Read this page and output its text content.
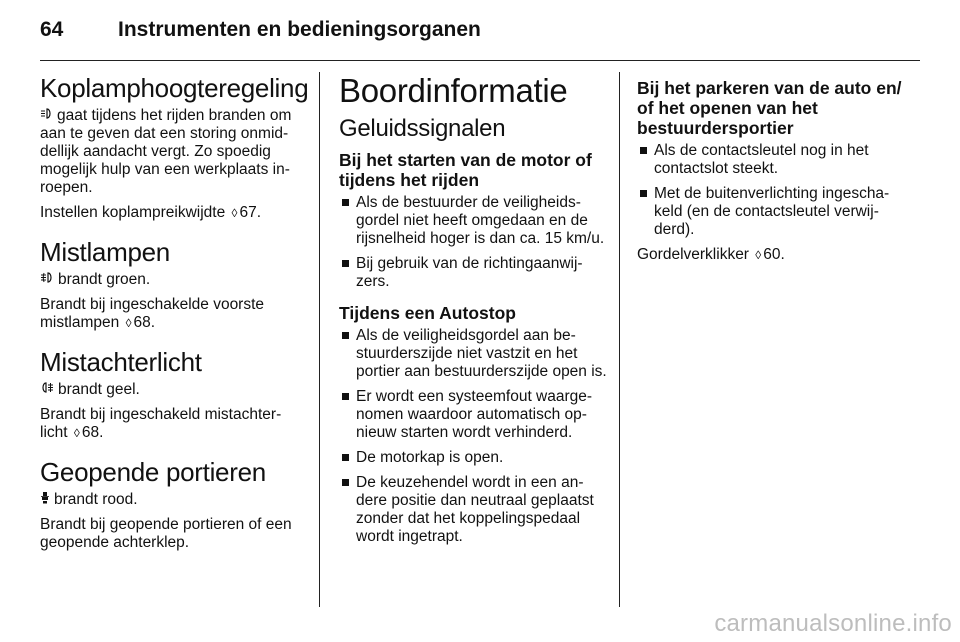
64	Instrumenten en bedieningsorganen
Koplamphoogteregeling

gaat tijdens het rijden branden om aan te geven dat een storing onmid- dellijk aandacht vergt. Zo spoedig mogelijk hulp van een werkplaats in- roepen.

Instellen koplampreikwijdte ◊ 67.

Mistlampen

brandt groen.

Brandt bij ingeschakelde voorste mistlampen ◊ 68.

Mistachterlicht

brandt geel.

Brandt bij ingeschakeld mistachter- licht ◊ 68.

Geopende portieren

brandt rood.

Brandt bij geopende portieren of een geopende achterklep.

Boordinformatie
Geluidssignalen
Bij het starten van de motor of tijdens het rijden
Als de bestuurder de veiligheids- gordel niet heeft omgedaan en de rijsnelheid hoger is dan ca. 15 km/u.
Bij gebruik van de richtingaanwij- zers.
Tijdens een Autostop
Als de veiligheidsgordel aan be- stuurderszijde niet vastzit en het portier aan bestuurderszijde open is.
Er wordt een systeemfout waarge- nomen waardoor automatisch op- nieuw starten wordt verhinderd.
De motorkap is open.
De keuzehendel wordt in een an- dere positie dan neutraal geplaatst zonder dat het koppelingspedaal wordt ingetrapt.
Bij het parkeren van de auto en/ of het openen van het bestuurdersportier
Als de contactsleutel nog in het contactslot steekt.
Met de buitenverlichting ingescha- keld (en de contactsleutel verwij- derd).

Gordelverklikker ◊ 60.

carmanualsonline.info
